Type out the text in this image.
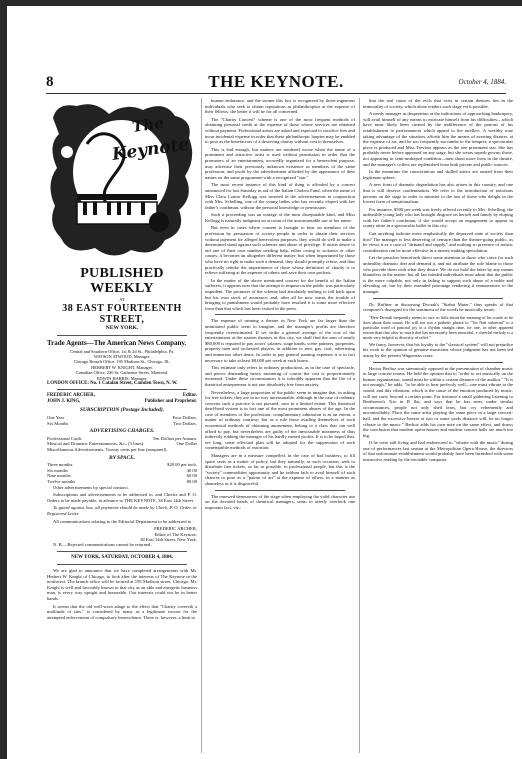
8	THE KEYNOTE.	October 4, 1884.
The
Keynote
PUBLISHED WEEKLY
AT
38 EAST FOURTEENTH STREET,
NEW YORK.
Trade Agents—The American News Company.
Central and Southern Office, 1st & 2d St., Philadelphia, Pa.
WATSON ATWOOD, Manager.
Chicago Branch Office, 195 Madison St., Chicago, Ill.,
HERBERT W. KNIGHT, Manager.
Canadian Office, 230 St. Catharine Street, Montreal.
EDWIN HARRIS, Manager.
LONDON OFFICE: No. 1 Catalan Street, Camden Town, N. W.
FREDERIC ARCHER,	Editor.
JOHN J. KING,	Publisher and Proprietor.
SUBSCRIPTION (Postage Included).
One Year	Four Dollars.
Six Months	Two Dollars.
ADVERTISING CHARGES.
Professional Cards	Ten Dollars per Annum.
Musical and Dramatic Entertainments, &c., (3 lines)	One Dollar
Miscellaneous Advertisements, Twenty cents per line (nonpareil).
BY SPACE.
Three months	$20 00 per inch.
Six months	40 00
Nine months	60 00
Twelve months	80 00

Other advertisements by special contract.

Subscriptions and advertisements to be addressed to, and Checks and P. O. Orders to be made payable, in advance to THE KEYNOTE, 38 East 14th Street.

To guard against loss, all payments should be made by Check, P. O. Order, or Registered Letter.

All communications relating to the Editorial Department to be addressed to

FREDERIC ARCHER,
Editor of The Keynote,
38 East 14th Street, New York.

N. B.—Rejected communications cannot be returned.

NEW YORK, SATURDAY, OCTOBER 4, 1884.

We are glad to announce that we have completed arrangements with Mr. Herbert W. Knight of Chicago, to look after the interests of The Keynote in the northwest. The branch office will be located at 195 Madison street, Chicago. Mr. Knight is well and favorably known in that city as an able and energetic business man, is every way upright and honorable. Our interests could not be in better hands.

It seems that the old well-worn adage to the effect that "Charity covereth a multitude of sins," is considered by many as a legitimate excuse for the attempted enforcement of compulsory benevolence. There is, however, a limit to

human endurance, and the sooner this fact is recognized by those ingenious individuals who seek to obtain reputations as philanthropists at the expense of their fellows, the better it will be for all concerned.

The "Charity Concert" scheme is one of the most frequent methods of obtaining personal credit at the expense of those whose services are obtained without payment. Professional artists are asked and expected to sacrifice fees and incur incidental expense in order that these philanthropic harpies may be enabled to pose as the benefactors of a deserving charity without cost to themselves.

This is bad enough, but matters are rendered worse when the name of a prominent and attractive artist is used without permission in order that the promoters of an entertainment, avowedly organized for a benevolent purpose, may advertise their previously unknown existence as members of the same profession, and profit by the advertisement afforded by the appearance of their names on the same programme with a recognized "star."

The most recent instance of this kind of thing is afforded by a concert announced for last Saturday in aid of the Italian Cholera Fund, when the name of Miss Clara Louise Kellogg was inserted in the advertisements in conjunction with Mrs. Schelling, one of the young ladies who has recently eloped with her father's coachman, without the personal knowledge or permission.

Such a proceeding was an outrage of the most disreputable kind, and Miss Kellogg is naturally indignant on account of the unwarrantable use of her name.

But even in cases where consent is brought to bear on members of the profession by persuasion of society people in order to obtain their services without payment for alleged benevolent purposes, they would do well to make a determined stand against such schemes and abuse of privilege. If artists desire to aid one of their own number needing help, either owing to sickness or other causes, it becomes an altogether different matter; but when importuned by those who have no right to make such a demand, they should promptly refuse, and thus practically rebuke the impertinence of those whose definition of charity is to relieve suffering at the expense of others and save their own pockets.

In the matter of the above mentioned concert for the benefit of the Italian sufferers, it appears now that the attempt to impose on the public was particularly impudent. The promoter of the scheme had absolutely nothing to fall back upon but his own stock of assurance; and, after all he now wants the trouble of bringing to punishment would probably have resulted it is some more effective form than that which has been visited in the press.

The expense of running a theatre in New York are far larger than the uninitiated public seem to imagine, and the manager's profits are therefore frequently overestimated. If we strike a general average of the cost of the entertainment at the sixteen theatres in this city, we shall find the sum of nearly $80,000 is required to pay actors' salaries, stage hands, scene painters, properties, property men and orchestral players, in addition to rent, gas, coal, advertising and numerous other items. In order to pay general running expenses it is in fact necessary to take at least $8,000 per week at each house.

This estimate only refers to ordinary productions, as in the case of spectacle, and pieces demanding heavy mounting of course the cost is proportionately increased. Under these circumstances it is tolerably apparent that the life of a theatrical entrepreneur is not one absolutely free from anxiety.

Nevertheless, a large proportion of the public seem to imagine that, in asking for free tickets, they are in no way unreasonable, although in the case of ordinary concerts such a practice is not pursued, save in a limited extent. This theatrical dead-head system is in fact one of the most prominent abuses of the age. In the case of members of the profession, complimentary admission is as an extent, a matter of ordinary courtesy; but as a rule those availing themselves of such economical methods of obtaining amusement, belong to a class that can well afford to pay, but nevertheless are guilty of the inexcusable meanness of thus indirectly robbing the manager of his hardly earned profits. It is to be hoped that, ere long, some effectual plan will be adopted for the suppression of such contemptible methods of extortion.

Managers are in a measure compelled, in the case of bad business, to fill space seats as a matter of policy, but they naturally, as such occasion, seek to distribute free tickets, so far as possible, to professional people, but this is the "society" commodities opportunity and be seldom fails to avail himself of such chances to pose as a "patron of art" at the expense of others, in a manner as shameless as it is disgraceful.

The renewed denouncers of the stage when employing the valid character use on the devoted heads of theatrical managers, seem to utterly overlook one important fact, viz.:

that the real cause of the evils that exist in certain theatres lies in the immorality of society, which alone renders such stage evils possible.

A needy manager in desperation at the indications of approaching bankruptcy, will avail himself of any means to extricate himself from his difficulties—which have most likely been created by the indifference of the patrons of his establishment to performances which appeal to the intellect. A wealthy roue taking advantage of the situation, affords him the means of averting disaster, at the expense of art, and he too frequently succumbs to the tempter; a spectacular piece is produced and Miss Trevlata appears as the one prominent star. She has probably never before appeared on any stage, but she wears superb gowns; those, not appearing in semi-undraped condition—men shout more from in the theatre, and the manager's coffers are replenished from both private and public sources.

In the meantime the conscientious and skilled artists are ousted from their legitimate sphere.

A new form of dramatic degradation has also arisen in this country, and one that is still deserve condemnation. We refer to the introduction of notorious persons on the stage in order to minister to the lust of those who delight in the lowest form of sensationalism.

For instance, $500 per week was freely offered recently to Mrs. Schelling, the unfeasible young lady who has brought disgrace on herself and family by eloping with her father's coachman, if she would accept an engagement to appear in scanty attire in a spectacular ballet in this city.

Can anything indicate more emphatically the depraved state of society than this? The manager is less deserving of censure than the theatre-going public, as he views it as a case of "demand and supply," and nothing so presence of artistic consideration can be more effective in a money making speculation.

Let the preacher henceforth direct some attention to those who crave for such unhealthy dramatic diet and demand it, and not attribute the sole blame to those who provide them with what they desire. We do not hold the latter by any means blameless in the matter, but all fair minded individuals must admit that the public is the more culpable, not only in failing to support such abuse of a noble and elevating art, but by their extended patronage rendering it remunerative to the manager.

Dr. Huffner in discussing Dvorak's "Stabat Mater," thus speaks of that composer's disregard for the sentiment of the words he musically treats:

"Herr Dvorak frequently seems to care so little about the meaning of his words as he does about their sound. He will not suit a pathetic phrase to "Tui Nati vulnerati" to a particular word of pastoral joy in a rhythm straight time, for one, or other apparent reason than that after so much that has necessarily been mournful, a cheerful melody is a mode very helpful to diversity of relief."

We fancy, however, that his loyalty to the "classical system" will not prejudice his work to the opinion of genuine musicians whose judgment has not been led astray by the present Wagnerian craze.

Hector Berlioz was strenuously opposed to the presentation of chamber music in large concert rooms. He held the opinion that to "order to act musically on the human organization, sound must be within a certain distance of the auditor." "It is not enough," he adds, "to be able to hear perfectly well—one must vibrate to the sound, and this vibration, which is the cause of the emotion produced by music, will not carry beyond a certain point. For instance a small gathering listening to Beethoven's Trio in B flat, and says that he has seen, under similar circumstances, people not only shed tears, but cry vehemently and uncontrollably. Place the same artist playing the same piece in a large concert-hall, and the excessive heaver at two or some yards distance will, he no longer vibrate to the music." Berlioz adds his own note on the same effect, and draws the conclusion that modern opera-houses and modern concert halls are much too big.

If he were still living and had endeavored to "vibrate with the music" during one of performances last season at the Metropolitan Opera House, the directors of that unfortunate establishment would probably have been furnished with some instructive reading by the excitable composer.
